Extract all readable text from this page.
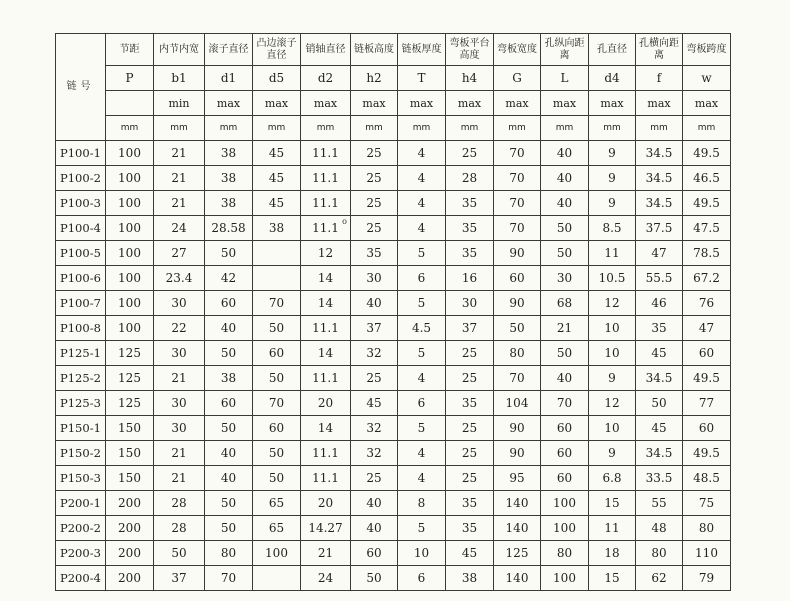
链号	节距	内节内宽	滚子直径	凸边滚子直径	销轴直径	链板高度	链板厚度	弯板平台高度	弯板宽度	孔纵向距离	孔直径	孔横向距离	弯板跨度
	P	b1	d1	d5	d2	h2	T	h4	G	L	d4	f	w
		min	max	max	max	max	max	max	max	max	max	max	max
	mm	mm	mm	mm	mm	mm	mm	mm	mm	mm	mm	mm	mm
P100-1	100	21	38	45	11.1	25	4	25	70	40	9	34.5	49.5
P100-2	100	21	38	45	11.1	25	4	28	70	40	9	34.5	46.5
P100-3	100	21	38	45	11.1	25	4	35	70	40	9	34.5	49.5
P100-4	100	24	28.58	38	11.1 o	25	4	35	70	50	8.5	37.5	47.5
P100-5	100	27	50		12	35	5	35	90	50	11	47	78.5
P100-6	100	23.4	42		14	30	6	16	60	30	10.5	55.5	67.2
P100-7	100	30	60	70	14	40	5	30	90	68	12	46	76
P100-8	100	22	40	50	11.1	37	4.5	37	50	21	10	35	47
P125-1	125	30	50	60	14	32	5	25	80	50	10	45	60
P125-2	125	21	38	50	11.1	25	4	25	70	40	9	34.5	49.5
P125-3	125	30	60	70	20	45	6	35	104	70	12	50	77
P150-1	150	30	50	60	14	32	5	25	90	60	10	45	60
P150-2	150	21	40	50	11.1	32	4	25	90	60	9	34.5	49.5
P150-3	150	21	40	50	11.1	25	4	25	95	60	6.8	33.5	48.5
P200-1	200	28	50	65	20	40	8	35	140	100	15	55	75
P200-2	200	28	50	65	14.27	40	5	35	140	100	11	48	80
P200-3	200	50	80	100	21	60	10	45	125	80	18	80	110
P200-4	200	37	70		24	50	6	38	140	100	15	62	79
